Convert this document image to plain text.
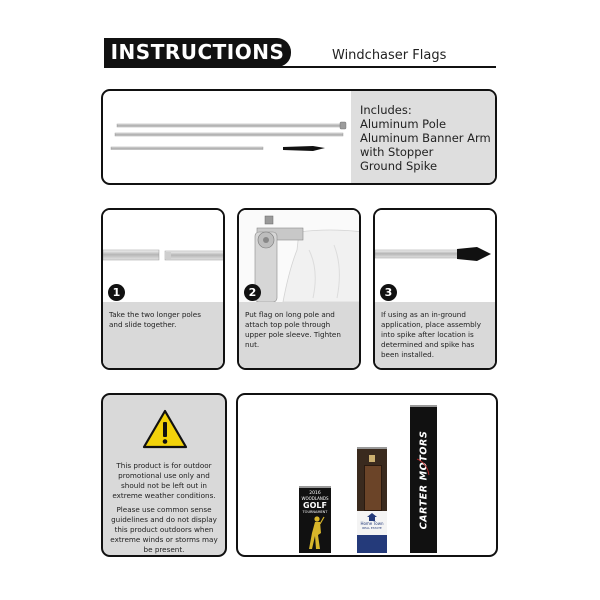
INSTRUCTIONS	Windchaser Flags
Includes:
Aluminum Pole
Aluminum Banner Arm
with Stopper
Ground Spike
1
Take the two longer poles
and slide together.
2
Put flag on long pole and
attach top pole through
upper pole sleeve. Tighten
nut.
3
If using as an in-ground
application, place assembly
into spike after location is
determined and spike has
been installed.
This product is for outdoor
promotional use only and
should not be left out in
extreme weather conditions.
Please use common sense
guidelines and do not display
this product outdoors when
extreme winds or storms may
be present.
2016
WOODLANDS
GOLF
TOURNAMENT
Home Town
REAL ESTATE	CARTER MOTORS
